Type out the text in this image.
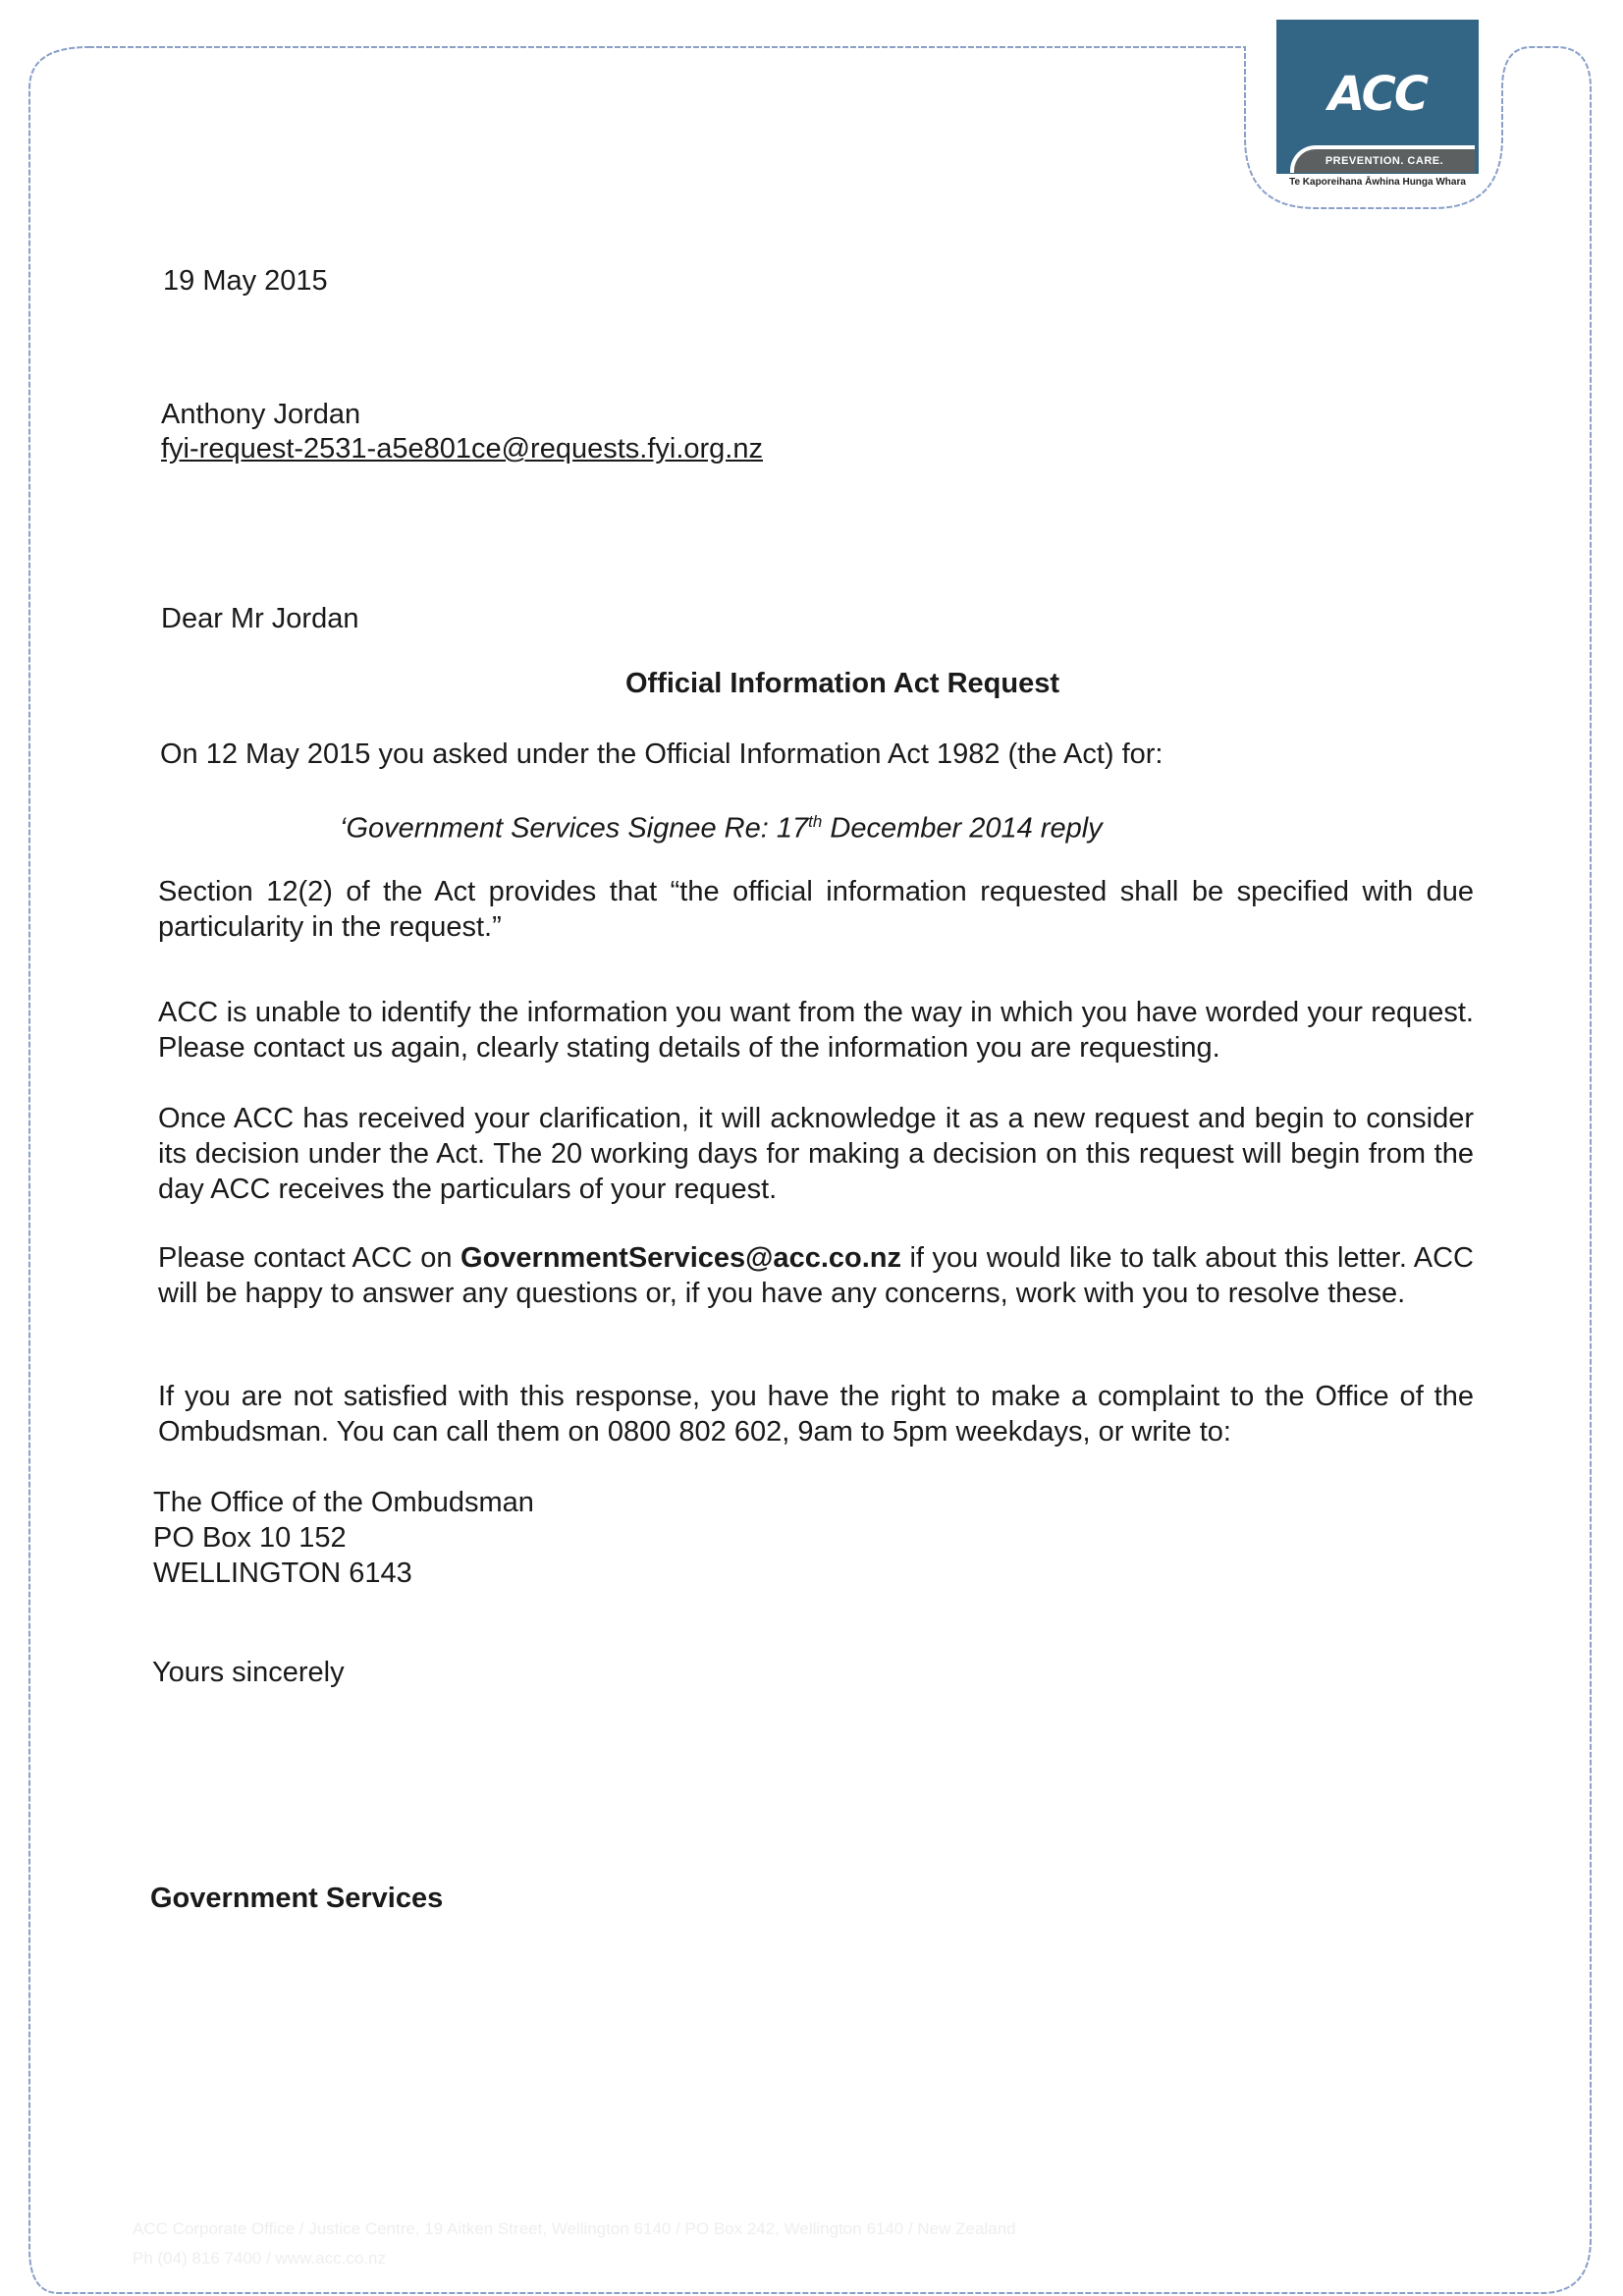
ACC
PREVENTION. CARE.
Te Kaporeihana Āwhina Hunga Whara
19 May 2015
Anthony Jordan
fyi-request-2531-a5e801ce@requests.fyi.org.nz
Dear Mr Jordan
Official Information Act Request
On 12 May 2015 you asked under the Official Information Act 1982 (the Act) for:
‘Government Services Signee Re: 17th December 2014 reply
Section 12(2) of the Act provides that “the official information requested shall be specified with due particularity in the request.”
ACC is unable to identify the information you want from the way in which you have worded your request. Please contact us again, clearly stating details of the information you are requesting.
Once ACC has received your clarification, it will acknowledge it as a new request and begin to consider its decision under the Act. The 20 working days for making a decision on this request will begin from the day ACC receives the particulars of your request.
Please contact ACC on GovernmentServices@acc.co.nz if you would like to talk about this letter. ACC will be happy to answer any questions or, if you have any concerns, work with you to resolve these.
If you are not satisfied with this response, you have the right to make a complaint to the Office of the Ombudsman. You can call them on 0800 802 602, 9am to 5pm weekdays, or write to:
The Office of the Ombudsman
PO Box 10 152
WELLINGTON 6143
Yours sincerely
Government Services
ACC Corporate Office / Justice Centre, 19 Aitken Street, Wellington 6140 / PO Box 242, Wellington 6140 / New Zealand
Ph (04) 816 7400 / www.acc.co.nz
